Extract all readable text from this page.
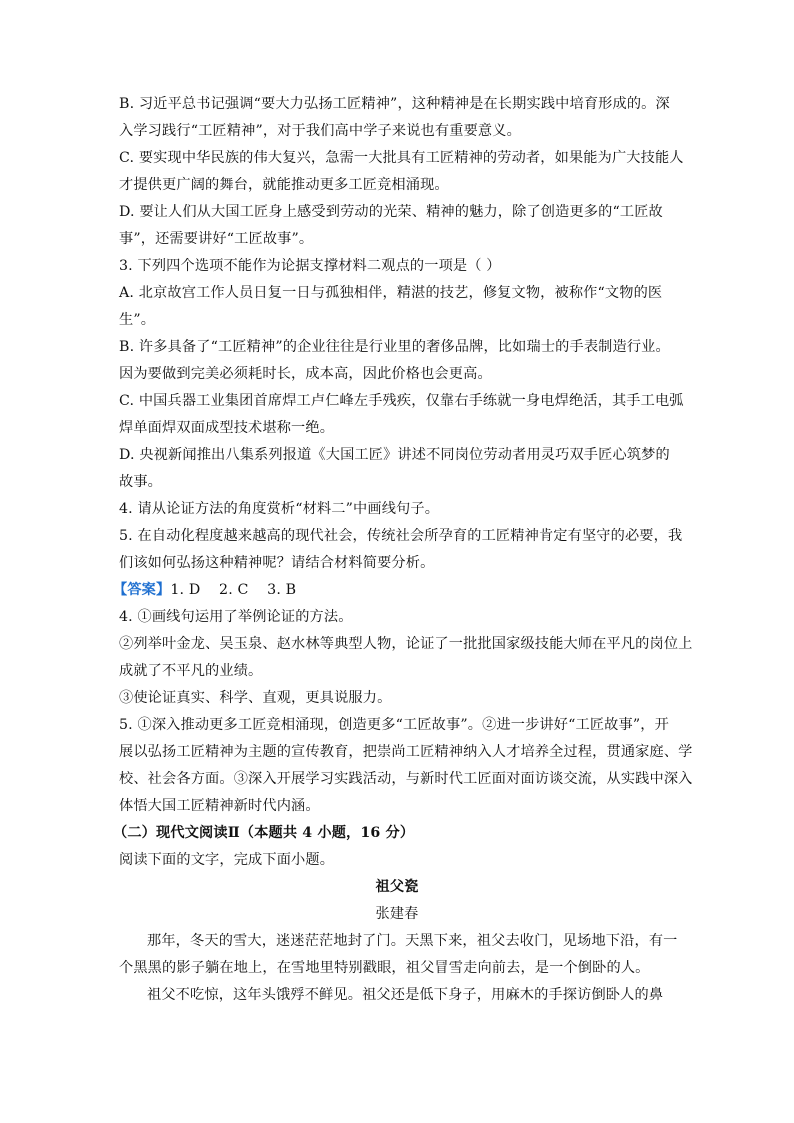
B. 习近平总书记强调“要大力弘扬工匠精神”，这种精神是在长期实践中培育形成的。深
入学习践行“工匠精神”，对于我们高中学子来说也有重要意义。
C. 要实现中华民族的伟大复兴，急需一大批具有工匠精神的劳动者，如果能为广大技能人
才提供更广阔的舞台，就能推动更多工匠竞相涌现。
D. 要让人们从大国工匠身上感受到劳动的光荣、精神的魅力，除了创造更多的“工匠故
事”，还需要讲好“工匠故事”。
3. 下列四个选项不能作为论据支撑材料二观点的一项是（ ）
A. 北京故宫工作人员日复一日与孤独相伴，精湛的技艺，修复文物，被称作“文物的医
生”。
B. 许多具备了“工匠精神”的企业往往是行业里的奢侈品牌，比如瑞士的手表制造行业。
因为要做到完美必须耗时长，成本高，因此价格也会更高。
C. 中国兵器工业集团首席焊工卢仁峰左手残疾，仅靠右手练就一身电焊绝活，其手工电弧
焊单面焊双面成型技术堪称一绝。
D. 央视新闻推出八集系列报道《大国工匠》讲述不同岗位劳动者用灵巧双手匠心筑梦的
故事。
4. 请从论证方法的角度赏析“材料二”中画线句子。
5. 在自动化程度越来越高的现代社会，传统社会所孕育的工匠精神肯定有坚守的必要，我
们该如何弘扬这种精神呢？请结合材料简要分析。
【答案】1. D    2. C    3. B
4. ①画线句运用了举例论证的方法。
②列举叶金龙、吴玉泉、赵水林等典型人物，论证了一批批国家级技能大师在平凡的岗位上
成就了不平凡的业绩。
③使论证真实、科学、直观，更具说服力。
5. ①深入推动更多工匠竞相涌现，创造更多“工匠故事”。②进一步讲好“工匠故事”，开
展以弘扬工匠精神为主题的宣传教育，把崇尚工匠精神纳入人才培养全过程，贯通家庭、学
校、社会各方面。③深入开展学习实践活动，与新时代工匠面对面访谈交流，从实践中深入
体悟大国工匠精神新时代内涵。
（二）现代文阅读Ⅱ（本题共 4 小题，16 分）
阅读下面的文字，完成下面小题。
祖父瓷
张建春
那年，冬天的雪大，迷迷茫茫地封了门。天黑下来，祖父去收门，见场地下沿，有一
个黑黑的影子躺在地上，在雪地里特别戳眼，祖父冒雪走向前去，是一个倒卧的人。
祖父不吃惊，这年头饿殍不鲜见。祖父还是低下身子，用麻木的手探访倒卧人的鼻
